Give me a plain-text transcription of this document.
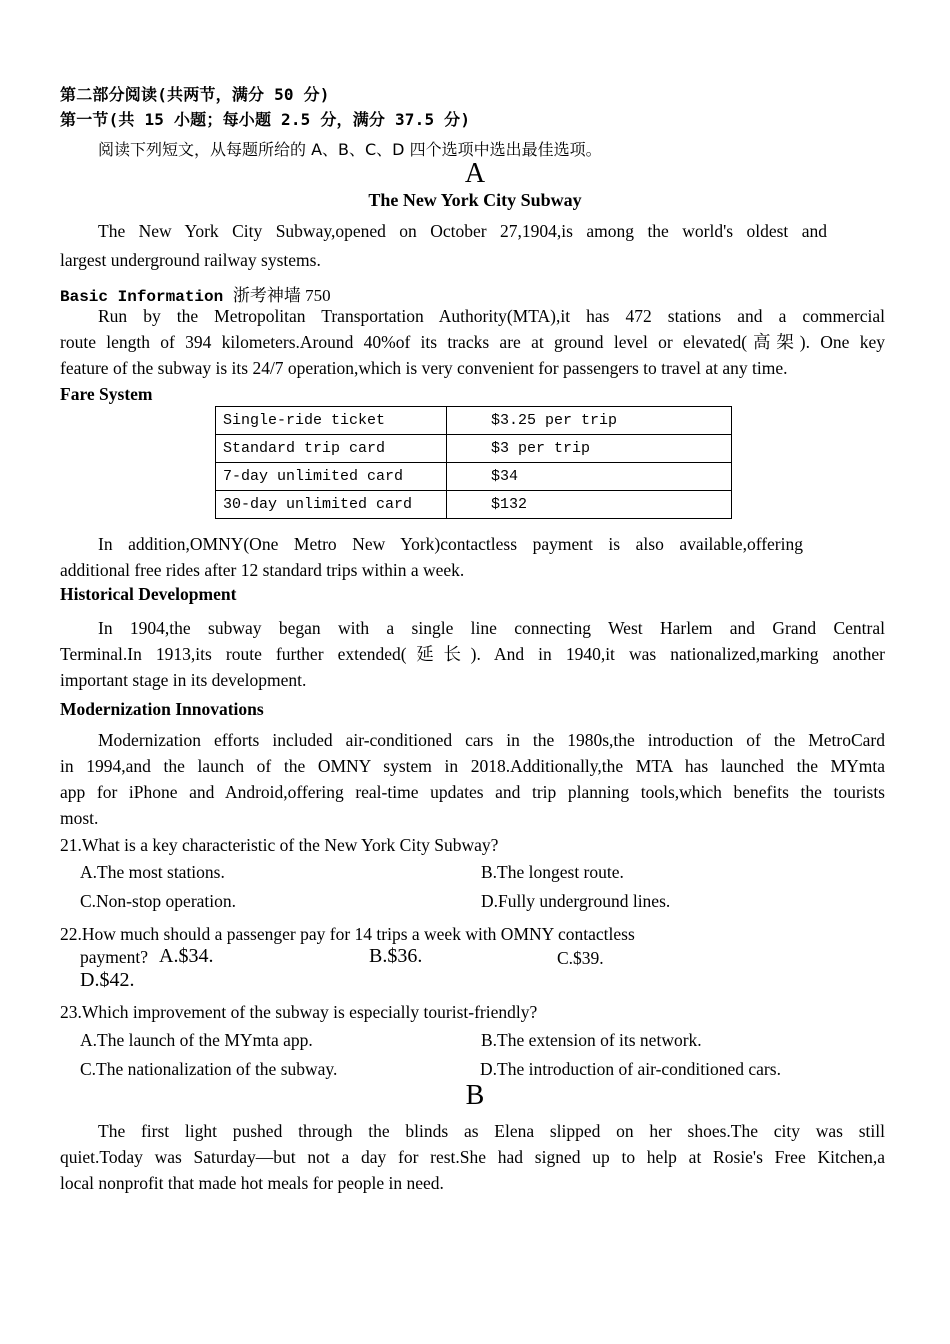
第二部分阅读(共两节，满分 50 分)
第一节(共 15 小题；每小题 2.5 分，满分 37.5 分)
阅读下列短文，从每题所给的 A、B、C、D 四个选项中选出最佳选项。
A
The New York City Subway
The New York City Subway,opened on October 27,1904,is among the world's oldest and
largest underground railway systems.
Basic Information 浙考神墙 750
Run by the Metropolitan Transportation Authority(MTA),it has 472 stations and a commercial
route length of 394 kilometers.Around 40%of its tracks are at ground level or elevated(高架). One key
feature of the subway is its 24/7 operation,which is very convenient for passengers to travel at any time.
Fare System
Single-ride ticket	$3.25 per trip
Standard trip card	$3 per trip
7-day unlimited card	$34
30-day unlimited card	$132
In addition,OMNY(One Metro New York)contactless payment is also available,offering
additional free rides after 12 standard trips within a week.
Historical Development
In 1904,the subway began with a single line connecting West Harlem and Grand Central
Terminal.In 1913,its route further extended(延长). And in 1940,it was nationalized,marking another
important stage in its development.
Modernization Innovations
Modernization efforts included air-conditioned cars in the 1980s,the introduction of the MetroCard
in 1994,and the launch of the OMNY system in 2018.Additionally,the MTA has launched the MYmta
app for iPhone and Android,offering real-time updates and trip planning tools,which benefits the tourists
most.
21.What is a key characteristic of the New York City Subway?
A.The most stations.	B.The longest route.
C.Non-stop operation.	D.Fully underground lines.
22.How much should a passenger pay for 14 trips a week with OMNY contactless
payment? A.$34.	B.$36.	C.$39.
D.$42.
23.Which improvement of the subway is especially tourist-friendly?
A.The launch of the MYmta app.	B.The extension of its network.
C.The nationalization of the subway.	D.The introduction of air-conditioned cars.
B
The first light pushed through the blinds as Elena slipped on her shoes.The city was still
quiet.Today was Saturday—but not a day for rest.She had signed up to help at Rosie's Free Kitchen,a
local nonprofit that made hot meals for people in need.
